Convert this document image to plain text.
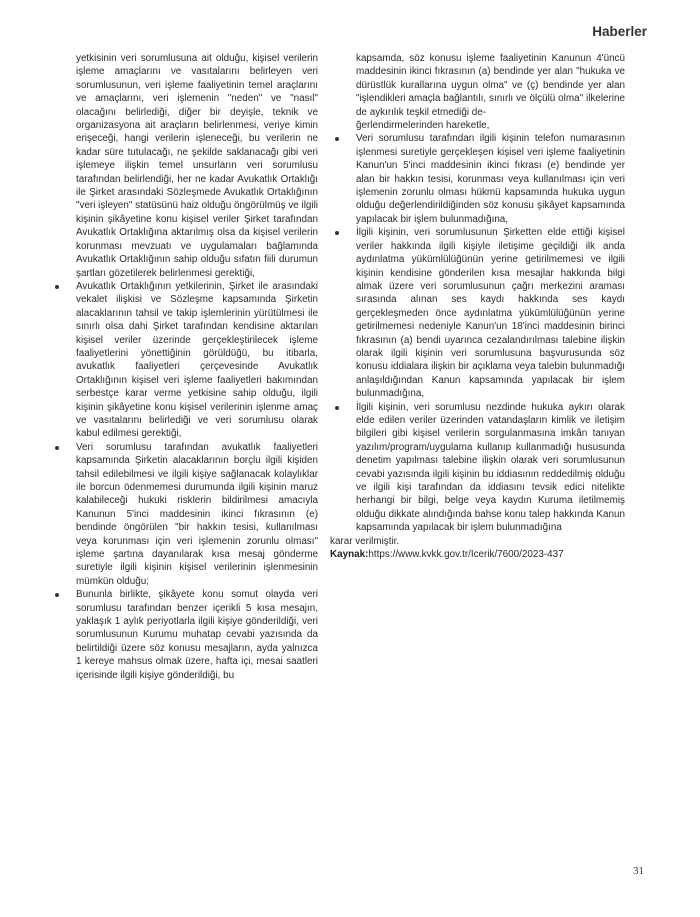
Haberler

yetkisinin veri sorumlusuna ait olduğu, kişisel verilerin işleme amaçlarını ve vasıtalarını belirleyen veri sorumlusunun, veri işleme faaliyetinin temel araçlarını ve amaçlarını, veri işlemenin "neden" ve "nasıl" olacağını belirlediği, diğer bir deyişle, teknik ve organizasyona ait araçların belirlenmesi, veriye kimin erişeceği, hangi verilerin işleneceği, bu verilerin ne kadar süre tutulacağı, ne şekilde saklanacağı gibi veri işlemeye ilişkin temel unsurların veri sorumlusu tarafından belirlendiği, her ne kadar Avukatlık Ortaklığı ile Şirket arasındaki Sözleşmede Avukatlık Ortaklığının "veri işleyen" statüsünü haiz olduğu öngörülmüş ve ilgili kişinin şikâyetine konu kişisel veriler Şirket tarafından Avukatlık Ortaklığına aktarılmış olsa da kişisel verilerin korunması mevzuatı ve uygulamaları bağlamında Avukatlık Ortaklığının sahip olduğu sıfatın fiili durumun şartları gözetilerek belirlenmesi gerektiği,

Avukatlık Ortaklığının yetkilerinin, Şirket ile arasındaki vekalet ilişkisi ve Sözleşme kapsamında Şirketin alacaklarının tahsil ve takip işlemlerinin yürütülmesi ile sınırlı olsa dahi Şirket tarafından kendisine aktarılan kişisel veriler üzerinde gerçekleştirilecek işleme faaliyetlerini yönettiğinin görüldüğü, bu itibarla, avukatlık faaliyetleri çerçevesinde Avukatlık Ortaklığının kişisel veri işleme faaliyetleri bakımından serbestçe karar verme yetkisine sahip olduğu, ilgili kişinin şikâyetine konu kişisel verilerinin işlenme amaç ve vasıtalarını belirlediği ve veri sorumlusu olarak kabul edilmesi gerektiği,

Veri sorumlusu tarafından avukatlık faaliyetleri kapsamında Şirketin alacaklarının borçlu ilgili kişiden tahsil edilebilmesi ve ilgili kişiye sağlanacak kolaylıklar ile borcun ödenmemesi durumunda ilgili kişinin maruz kalabileceği hukuki risklerin bildirilmesi amacıyla Kanunun 5'inci maddesinin ikinci fıkrasının (e) bendinde öngörülen "bir hakkın tesisi, kullanılması veya korunması için veri işlemenin zorunlu olması" işleme şartına dayanılarak kısa mesaj gönderme suretiyle ilgili kişinin kişisel verilerinin işlenmesinin mümkün olduğu;

Bununla birlikte, şikâyete konu somut olayda veri sorumlusu tarafından benzer içerikli 5 kısa mesajın, yaklaşık 1 aylık periyotlarla ilgili kişiye gönderildiği, veri sorumlusunun Kurumu muhatap cevabi yazısında da belirtildiği üzere söz konusu mesajların, ayda yalnızca 1 kereye mahsus olmak üzere, hafta içi, mesai saatleri içerisinde ilgili kişiye gönderildiği, bu

kapsamda, söz konusu işleme faaliyetinin Kanunun 4'üncü maddesinin ikinci fıkrasının (a) bendinde yer alan "hukuka ve dürüstlük kurallarına uygun olma" ve (ç) bendinde yer alan "işlendikleri amaçla bağlantılı, sınırlı ve ölçülü olma" ilkelerine de aykırılık teşkil etmediği de-

ğerlendirmelerinden hareketle,

Veri sorumlusu tarafından ilgili kişinin telefon numarasının işlenmesi suretiyle gerçekleşen kişisel veri işleme faaliyetinin Kanun'un 5'inci maddesinin ikinci fıkrası (e) bendinde yer alan bir hakkın tesisi, korunması veya kullanılması için veri işlemenin zorunlu olması hükmü kapsamında hukuka uygun olduğu değerlendirildiğinden söz konusu şikâyet kapsamında yapılacak bir işlem bulunmadığına,

İlgili kişinin, veri sorumlusunun Şirketten elde ettiği kişisel veriler hakkında ilgili kişiyle iletişime geçildiği ilk anda aydınlatma yükümlülüğünün yerine getirilmemesi ve ilgili kişinin kendisine gönderilen kısa mesajlar hakkında bilgi almak üzere veri sorumlusunun çağrı merkezini araması sırasında alınan ses kaydı hakkında ses kaydı gerçekleşmeden önce aydınlatma yükümlülüğünün yerine getirilmemesi nedeniyle Kanun'un 18'inci maddesinin birinci fıkrasının (a) bendi uyarınca cezalandırılması talebine ilişkin olarak ilgili kişinin veri sorumlusuna başvurusunda söz konusu iddialara ilişkin bir açıklama veya talebin bulunmadığı anlaşıldığından Kanun kapsamında yapılacak bir işlem bulunmadığına,

İlgili kişinin, veri sorumlusu nezdinde hukuka aykırı olarak elde edilen veriler üzerinden vatandaşların kimlik ve iletişim bilgileri gibi kişisel verilerin sorgulanmasına imkân tanıyan yazılım/program/uygulama kullanıp kullanmadığı hususunda denetim yapılması talebine ilişkin olarak veri sorumlusunun cevabi yazısında ilgili kişinin bu iddiasının reddedilmiş olduğu ve ilgili kişi tarafından da iddiasını tevsik edici nitelikte herhangi bir bilgi, belge veya kaydın Kuruma iletilmemiş olduğu dikkate alındığında bahse konu talep hakkında Kanun kapsamında yapılacak bir işlem bulunmadığına

karar verilmiştir.

Kaynak:https://www.kvkk.gov.tr/Icerik/7600/2023-437

31
